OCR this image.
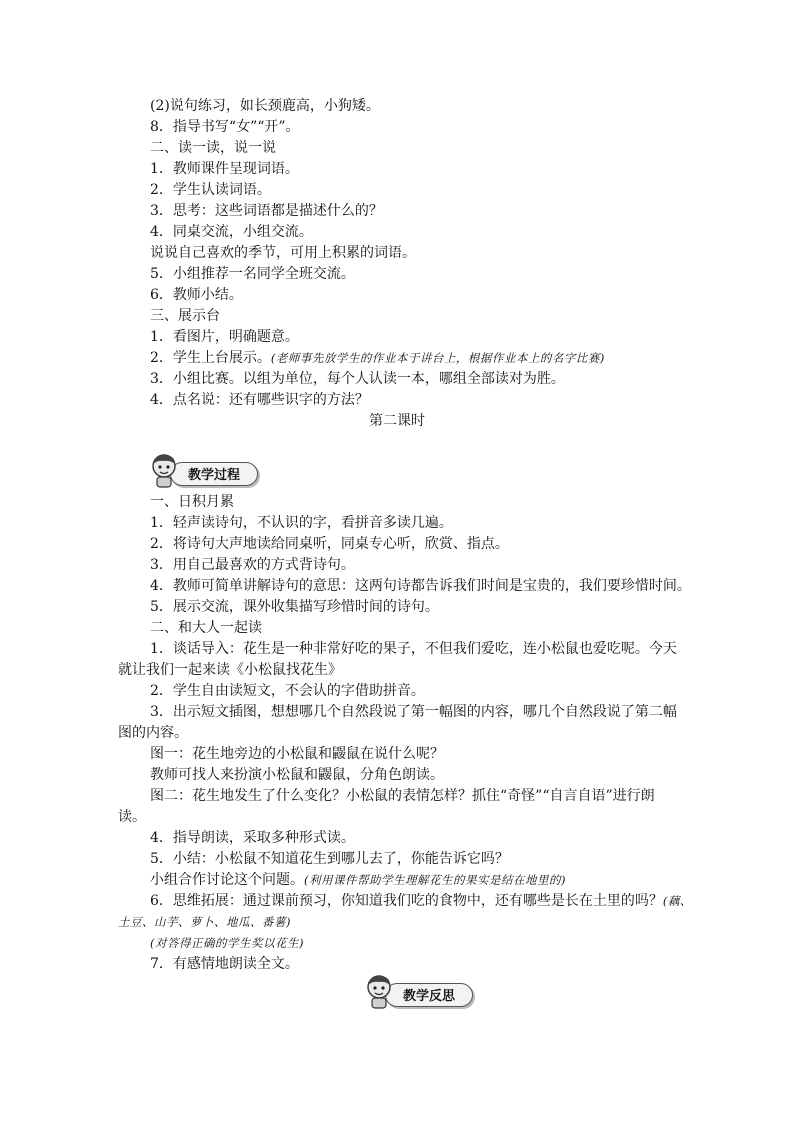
(2)说句练习，如长颈鹿高，小狗矮。
8．指导书写“女”“开”。
二、读一读，说一说
1．教师课件呈现词语。
2．学生认读词语。
3．思考：这些词语都是描述什么的？
4．同桌交流，小组交流。
说说自己喜欢的季节，可用上积累的词语。
5．小组推荐一名同学全班交流。
6．教师小结。
三、展示台
1．看图片，明确题意。
2．学生上台展示。(老师事先放学生的作业本于讲台上，根据作业本上的名字比赛)
3．小组比赛。以组为单位，每个人认读一本，哪组全部读对为胜。
4．点名说：还有哪些识字的方法？
第二课时
教学过程
一、日积月累
1．轻声读诗句，不认识的字，看拼音多读几遍。
2．将诗句大声地读给同桌听，同桌专心听，欣赏、指点。
3．用自己最喜欢的方式背诗句。
4．教师可简单讲解诗句的意思：这两句诗都告诉我们时间是宝贵的，我们要珍惜时间。
5．展示交流，课外收集描写珍惜时间的诗句。
二、和大人一起读
1．谈话导入：花生是一种非常好吃的果子，不但我们爱吃，连小松鼠也爱吃呢。今天
就让我们一起来读《小松鼠找花生》
2．学生自由读短文，不会认的字借助拼音。
3．出示短文插图，想想哪几个自然段说了第一幅图的内容，哪几个自然段说了第二幅
图的内容。
图一：花生地旁边的小松鼠和鼹鼠在说什么呢？
教师可找人来扮演小松鼠和鼹鼠，分角色朗读。
图二：花生地发生了什么变化？小松鼠的表情怎样？抓住“奇怪”“自言自语”进行朗
读。
4．指导朗读，采取多种形式读。
5．小结：小松鼠不知道花生到哪儿去了，你能告诉它吗？
小组合作讨论这个问题。(利用课件帮助学生理解花生的果实是结在地里的)
6．思维拓展：通过课前预习，你知道我们吃的食物中，还有哪些是长在土里的吗？(藕、
土豆、山芋、萝卜、地瓜、番薯)
(对答得正确的学生奖以花生)
7．有感情地朗读全文。
教学反思
